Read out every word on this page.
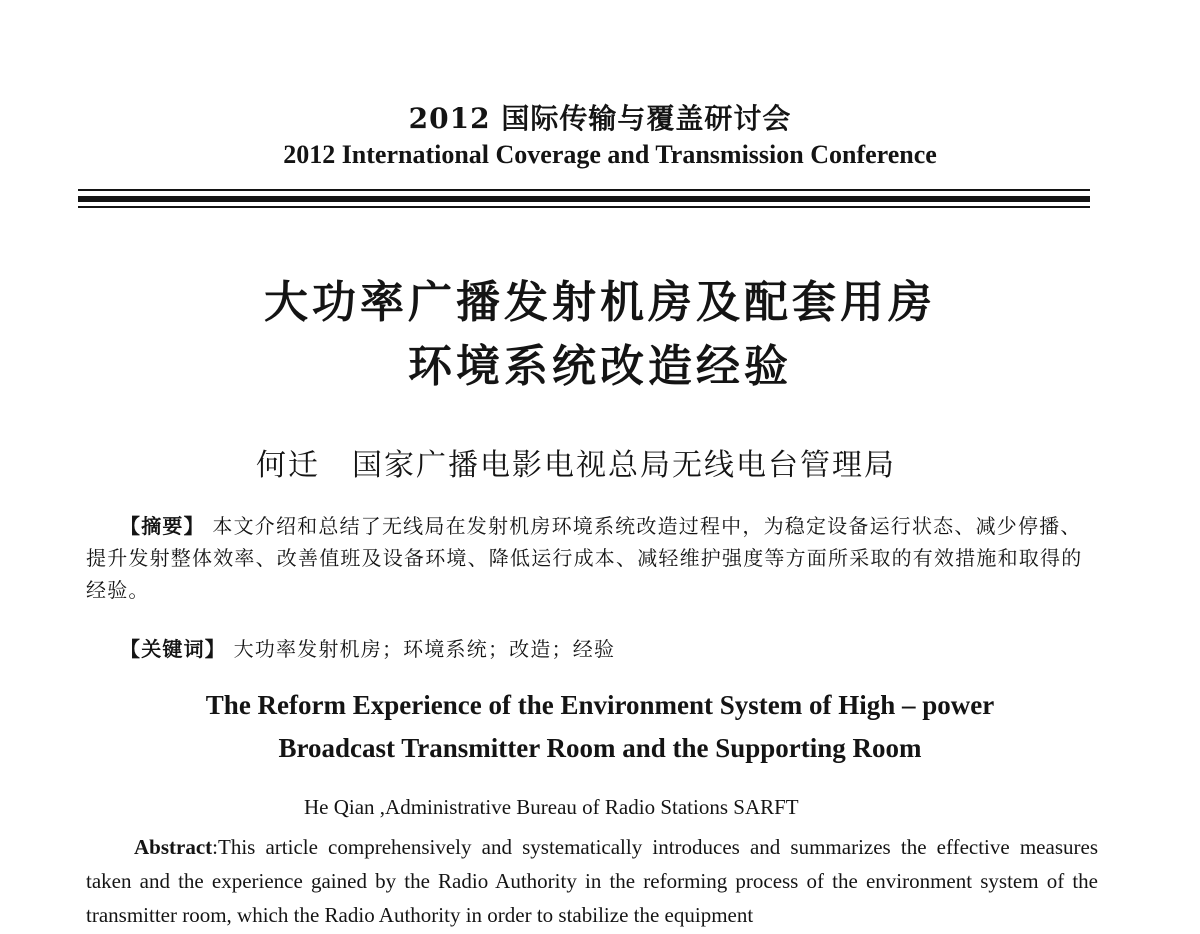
2012 国际传输与覆盖研讨会
2012 International Coverage and Transmission Conference
大功率广播发射机房及配套用房
环境系统改造经验
何迁 国家广播电影电视总局无线电台管理局
【摘要】 本文介绍和总结了无线局在发射机房环境系统改造过程中，为稳定设备运行状态、减少停播、提升发射整体效率、改善值班及设备环境、降低运行成本、减轻维护强度等方面所采取的有效措施和取得的经验。
【关键词】 大功率发射机房；环境系统；改造；经验
The Reform Experience of the Environment System of High – power
Broadcast Transmitter Room and the Supporting Room
He Qian ,Administrative Bureau of Radio Stations SARFT
Abstract:This article comprehensively and systematically introduces and summarizes the effective measures taken and the experience gained by the Radio Authority in the reforming process of the environment system of the transmitter room, which the Radio Authority in order to stabilize the equipment
